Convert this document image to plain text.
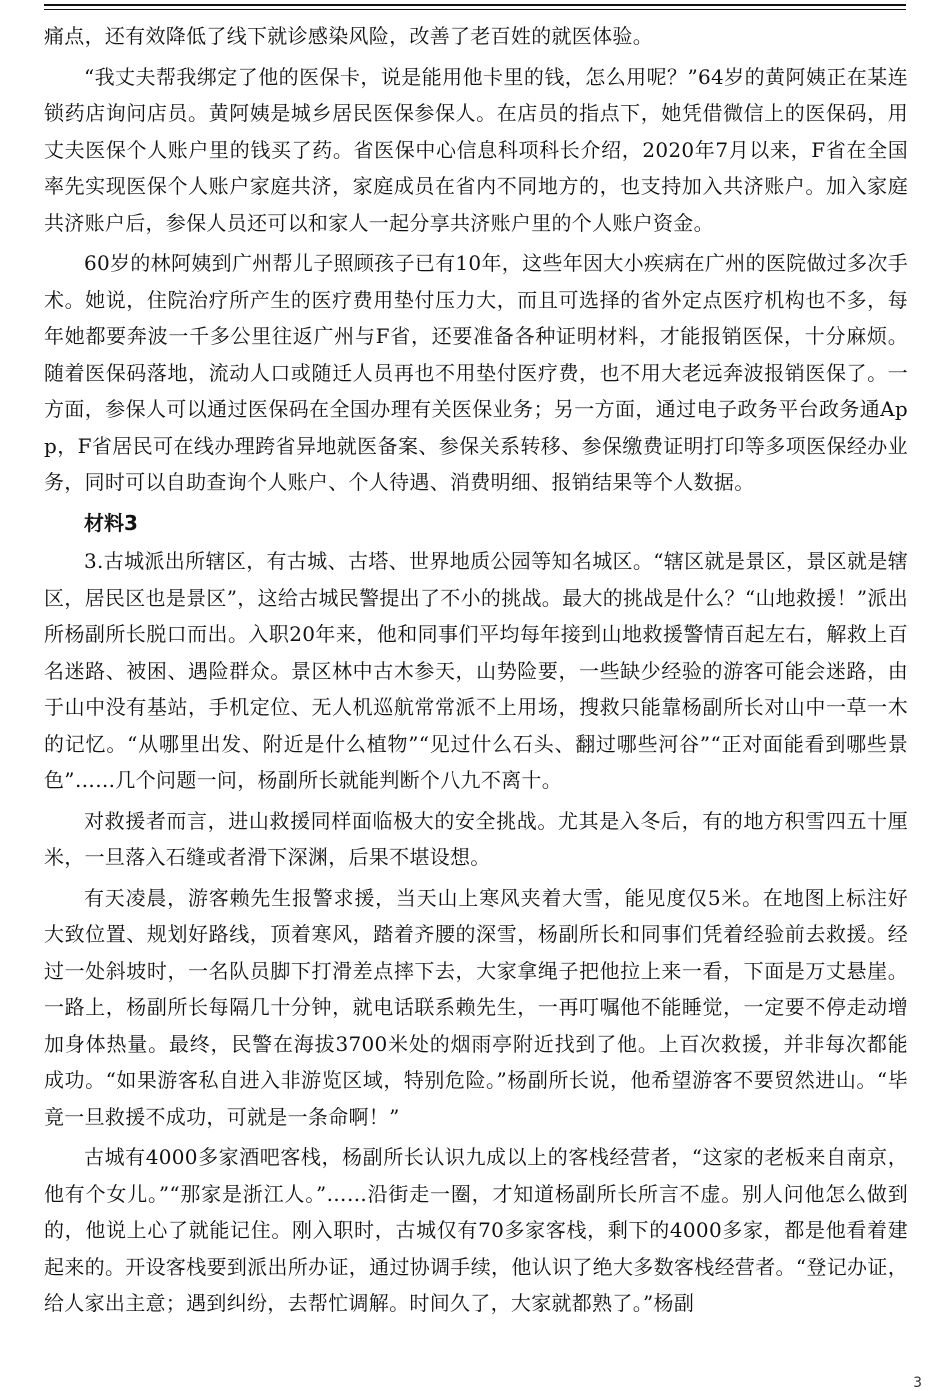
痛点，还有效降低了线下就诊感染风险，改善了老百姓的就医体验。

“我丈夫帮我绑定了他的医保卡，说是能用他卡里的钱，怎么用呢？”64岁的黄阿姨正在某连锁药店询问店员。黄阿姨是城乡居民医保参保人。在店员的指点下，她凭借微信上的医保码，用丈夫医保个人账户里的钱买了药。省医保中心信息科项科长介绍，2020年7月以来，F省在全国率先实现医保个人账户家庭共济，家庭成员在省内不同地方的，也支持加入共济账户。加入家庭共济账户后，参保人员还可以和家人一起分享共济账户里的个人账户资金。

60岁的林阿姨到广州帮儿子照顾孩子已有10年，这些年因大小疾病在广州的医院做过多次手术。她说，住院治疗所产生的医疗费用垫付压力大，而且可选择的省外定点医疗机构也不多，每年她都要奔波一千多公里往返广州与F省，还要准备各种证明材料，才能报销医保，十分麻烦。随着医保码落地，流动人口或随迁人员再也不用垫付医疗费，也不用大老远奔波报销医保了。一方面，参保人可以通过医保码在全国办理有关医保业务；另一方面，通过电子政务平台政务通App，F省居民可在线办理跨省异地就医备案、参保关系转移、参保缴费证明打印等多项医保经办业务，同时可以自助查询个人账户、个人待遇、消费明细、报销结果等个人数据。

材料3

3.古城派出所辖区，有古城、古塔、世界地质公园等知名城区。“辖区就是景区，景区就是辖区，居民区也是景区”，这给古城民警提出了不小的挑战。最大的挑战是什么？“山地救援！”派出所杨副所长脱口而出。入职20年来，他和同事们平均每年接到山地救援警情百起左右，解救上百名迷路、被困、遇险群众。景区林中古木参天，山势险要，一些缺少经验的游客可能会迷路，由于山中没有基站，手机定位、无人机巡航常常派不上用场，搜救只能靠杨副所长对山中一草一木的记忆。“从哪里出发、附近是什么植物”“见过什么石头、翻过哪些河谷”“正对面能看到哪些景色”……几个问题一问，杨副所长就能判断个八九不离十。

对救援者而言，进山救援同样面临极大的安全挑战。尤其是入冬后，有的地方积雪四五十厘米，一旦落入石缝或者滑下深渊，后果不堪设想。

有天凌晨，游客赖先生报警求援，当天山上寒风夹着大雪，能见度仅5米。在地图上标注好大致位置、规划好路线，顶着寒风，踏着齐腰的深雪，杨副所长和同事们凭着经验前去救援。经过一处斜坡时，一名队员脚下打滑差点摔下去，大家拿绳子把他拉上来一看，下面是万丈悬崖。一路上，杨副所长每隔几十分钟，就电话联系赖先生，一再叮嘱他不能睡觉，一定要不停走动增加身体热量。最终，民警在海拔3700米处的烟雨亭附近找到了他。上百次救援，并非每次都能成功。“如果游客私自进入非游览区域，特别危险。”杨副所长说，他希望游客不要贸然进山。“毕竟一旦救援不成功，可就是一条命啊！”

古城有4000多家酒吧客栈，杨副所长认识九成以上的客栈经营者，“这家的老板来自南京，他有个女儿。”“那家是浙江人。”……沿街走一圈，才知道杨副所长所言不虚。别人问他怎么做到的，他说上心了就能记住。刚入职时，古城仅有70多家客栈，剩下的4000多家，都是他看着建起来的。开设客栈要到派出所办证，通过协调手续，他认识了绝大多数客栈经营者。“登记办证，给人家出主意；遇到纠纷，去帮忙调解。时间久了，大家就都熟了。”杨副

3
